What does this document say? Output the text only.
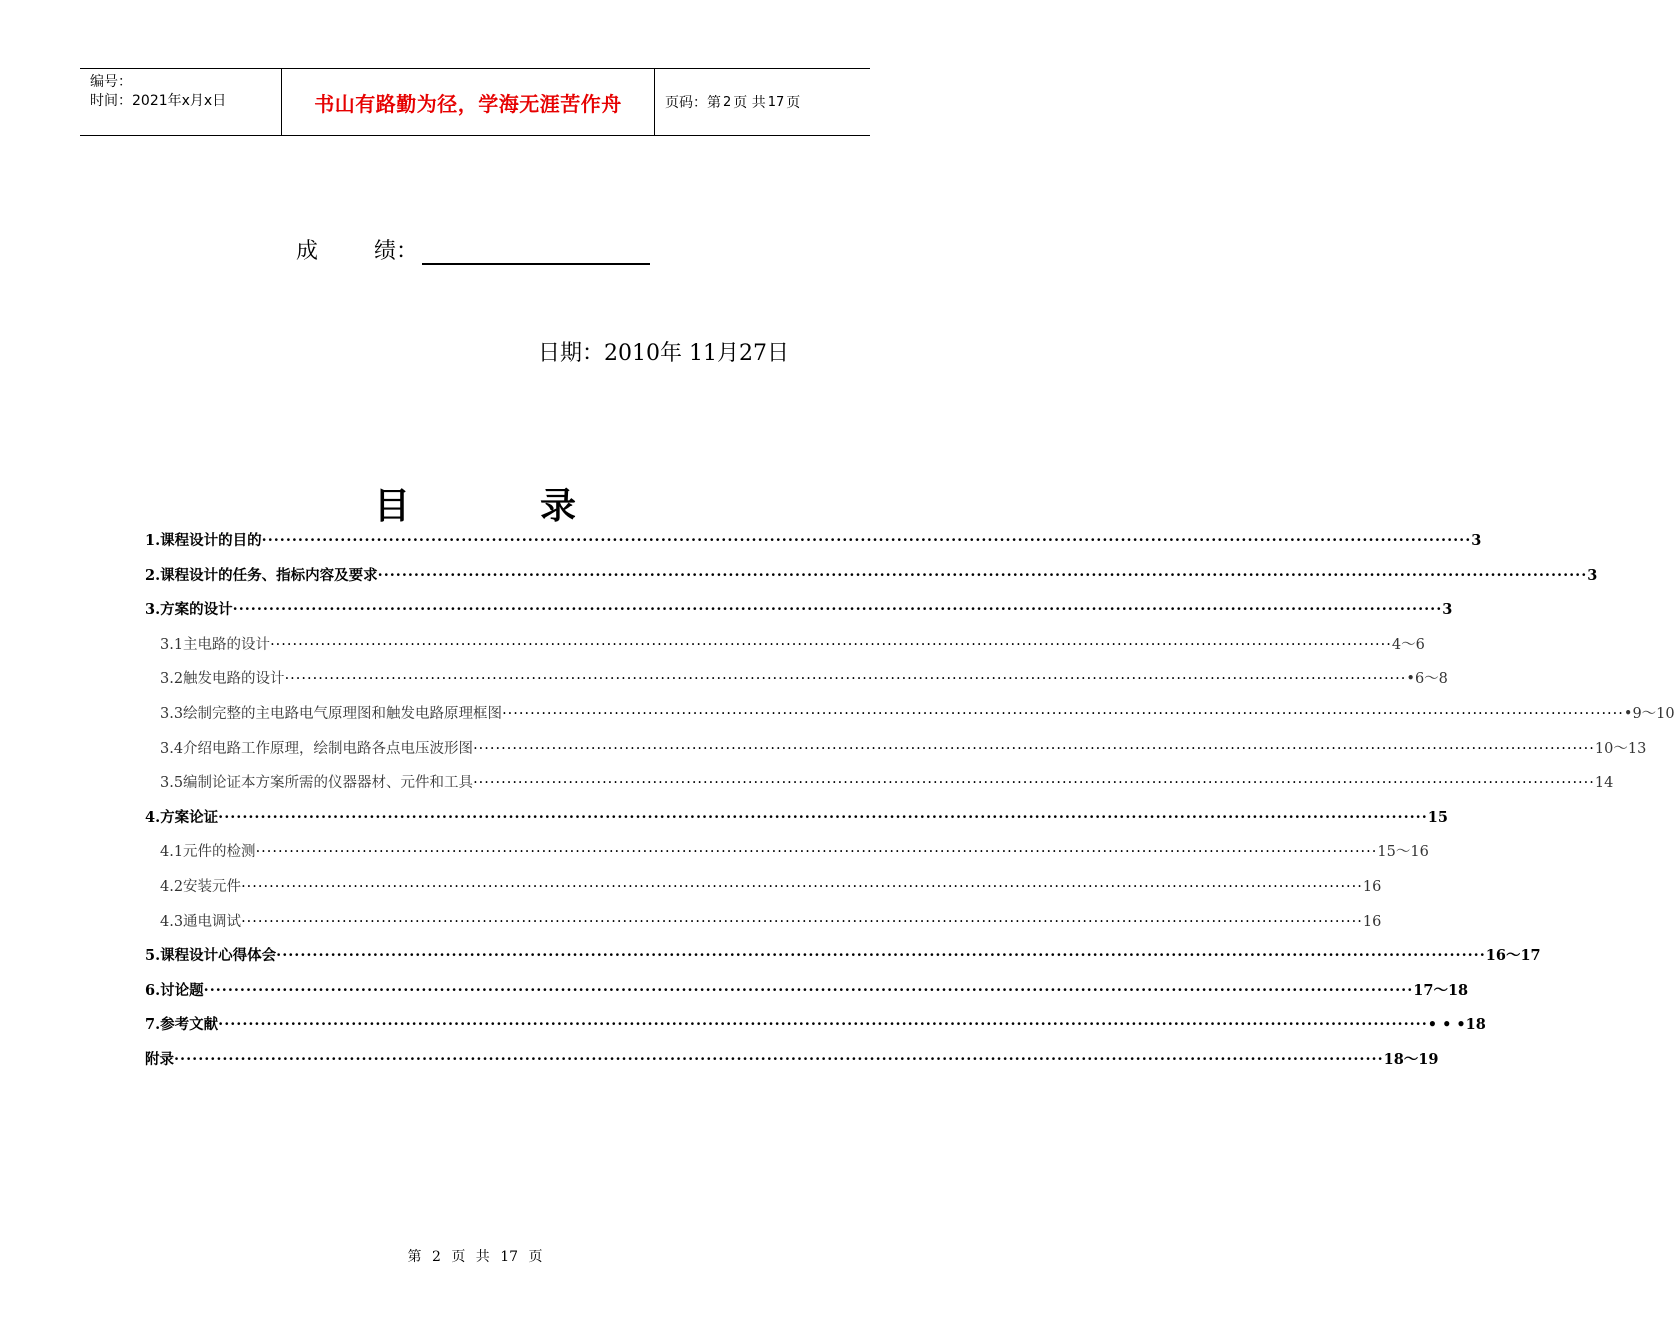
编号：
时间：2021年x月x日	书山有路勤为径，学海无涯苦作舟	页码：第 2 页 共 17 页
成	绩：
日期：2010年 11月27日
目	录
1.课程设计的目的 ········································································································································································································ 3
2.课程设计的任务、指标内容及要求 ········································································································································································································ 3
3.方案的设计 ········································································································································································································ 3
3.1主电路的设计 ········································································································································································································ 4～6
3.2触发电路的设计 ········································································································································································································ •6～8
3.3绘制完整的主电路电气原理图和触发电路原理框图 ········································································································································································································ •9～10
3.4介绍电路工作原理，绘制电路各点电压波形图 ········································································································································································································ 10～13
3.5编制论证本方案所需的仪器器材、元件和工具 ········································································································································································································ 14
4.方案论证 ········································································································································································································ 15
4.1元件的检测 ········································································································································································································ 15～16
4.2安装元件 ········································································································································································································ 16
4.3通电调试 ········································································································································································································ 16
5.课程设计心得体会 ········································································································································································································ 16～17
6.讨论题 ········································································································································································································ 17～18
7.参考文献 ········································································································································································································ • • •18
附录 ········································································································································································································ 18～19
第 2 页 共 17 页
